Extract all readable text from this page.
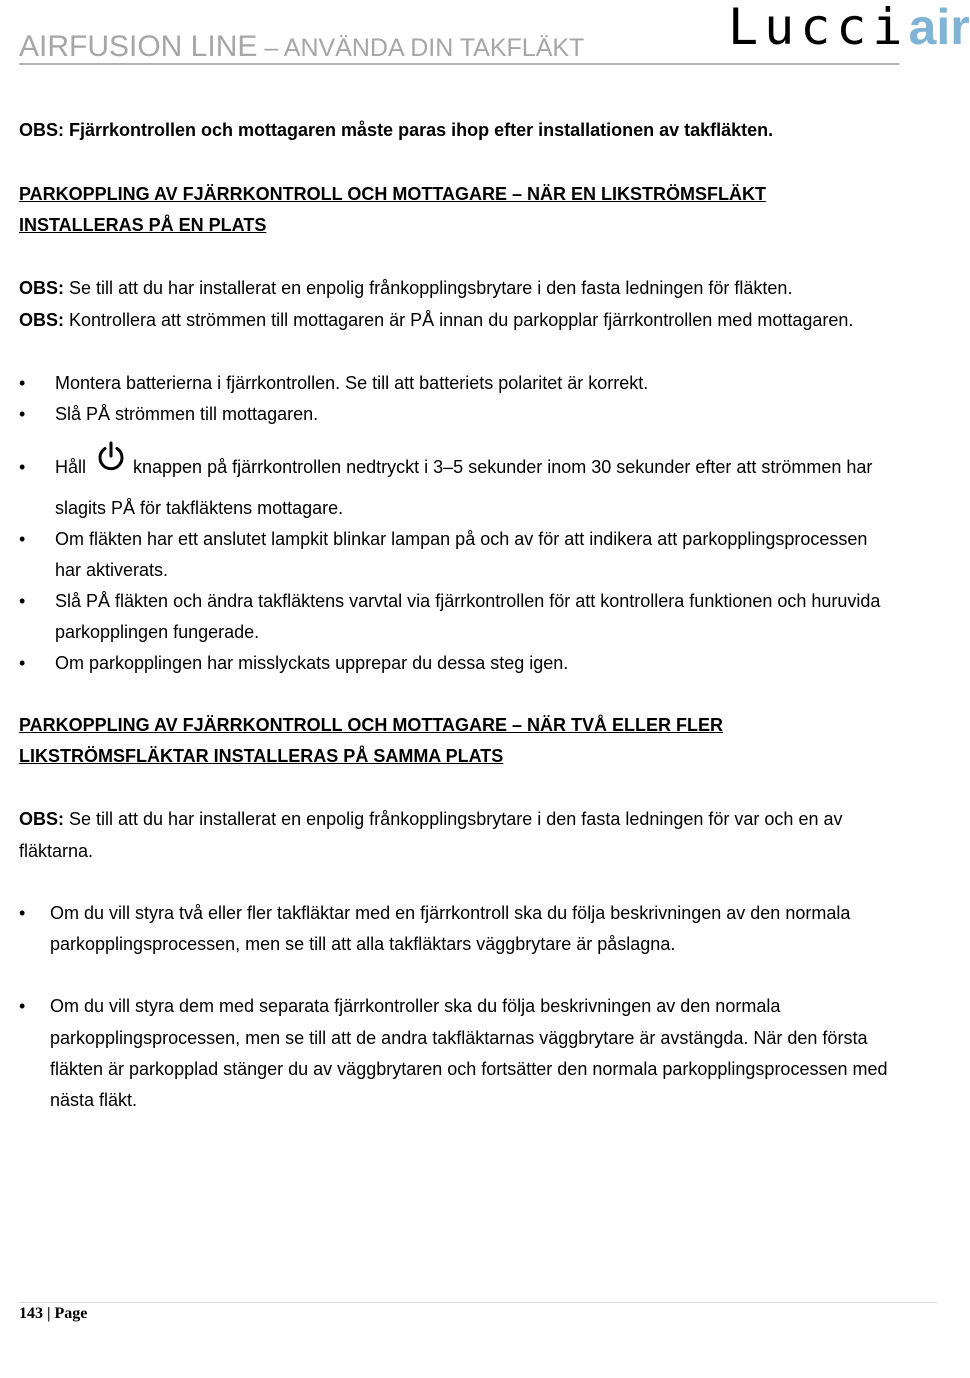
AIRFUSION LINE – ANVÄNDA DIN TAKFLÄKT	Lucciair
OBS: Fjärrkontrollen och mottagaren måste paras ihop efter installationen av takfläkten.
PARKOPPLING AV FJÄRRKONTROLL OCH MOTTAGARE – NÄR EN LIKSTRÖMSFLÄKT
INSTALLERAS PÅ EN PLATS
OBS: Se till att du har installerat en enpolig frånkopplingsbrytare i den fasta ledningen för fläkten.
OBS: Kontrollera att strömmen till mottagaren är PÅ innan du parkopplar fjärrkontrollen med mottagaren.
• Montera batterierna i fjärrkontrollen. Se till att batteriets polaritet är korrekt.
• Slå PÅ strömmen till mottagaren.
• Håll	knappen på fjärrkontrollen nedtryckt i 3–5 sekunder inom 30 sekunder efter att strömmen har
slagits PÅ för takfläktens mottagare.
• Om fläkten har ett anslutet lampkit blinkar lampan på och av för att indikera att parkopplingsprocessen
har aktiverats.
• Slå PÅ fläkten och ändra takfläktens varvtal via fjärrkontrollen för att kontrollera funktionen och huruvida
parkopplingen fungerade.
• Om parkopplingen har misslyckats upprepar du dessa steg igen.
PARKOPPLING AV FJÄRRKONTROLL OCH MOTTAGARE – NÄR TVÅ ELLER FLER
LIKSTRÖMSFLÄKTAR INSTALLERAS PÅ SAMMA PLATS
OBS: Se till att du har installerat en enpolig frånkopplingsbrytare i den fasta ledningen för var och en av
fläktarna.
• Om du vill styra två eller fler takfläktar med en fjärrkontroll ska du följa beskrivningen av den normala
parkopplingsprocessen, men se till att alla takfläktars väggbrytare är påslagna.
• Om du vill styra dem med separata fjärrkontroller ska du följa beskrivningen av den normala
parkopplingsprocessen, men se till att de andra takfläktarnas väggbrytare är avstängda. När den första
fläkten är parkopplad stänger du av väggbrytaren och fortsätter den normala parkopplingsprocessen med
nästa fläkt.
143 | Page
